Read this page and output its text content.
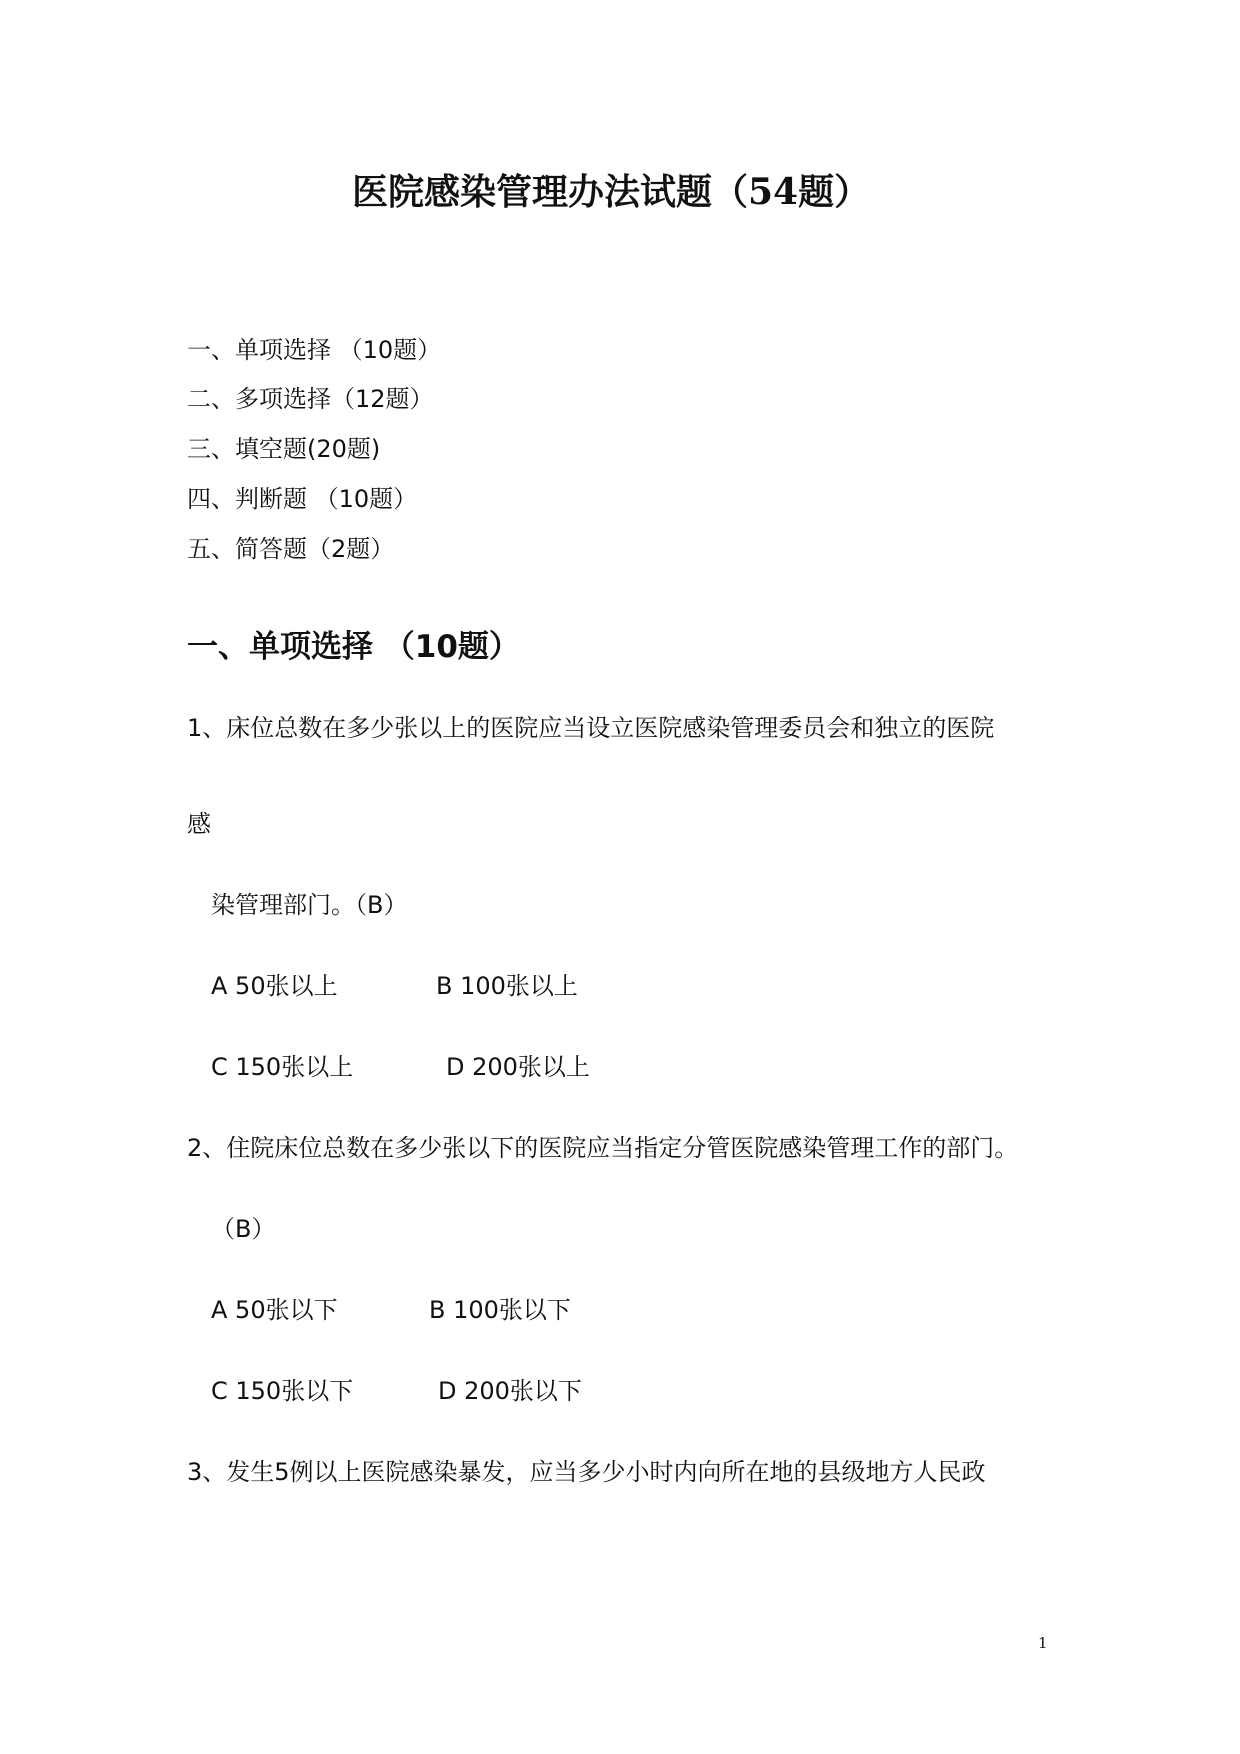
医院感染管理办法试题（54题）
一、单项选择 （10题）
二、多项选择（12题）
三、填空题(20题)
四、判断题 （10题）
五、简答题（2题）
一、单项选择 （10题）
1、床位总数在多少张以上的医院应当设立医院感染管理委员会和独立的医院
感
染管理部门。（B）
A 50张以上	B 100张以上
C 150张以上	D 200张以上
2、住院床位总数在多少张以下的医院应当指定分管医院感染管理工作的部门。
（B）
A 50张以下	B 100张以下
C 150张以下	D 200张以下
3、发生5例以上医院感染暴发，应当多少小时内向所在地的县级地方人民政
1
